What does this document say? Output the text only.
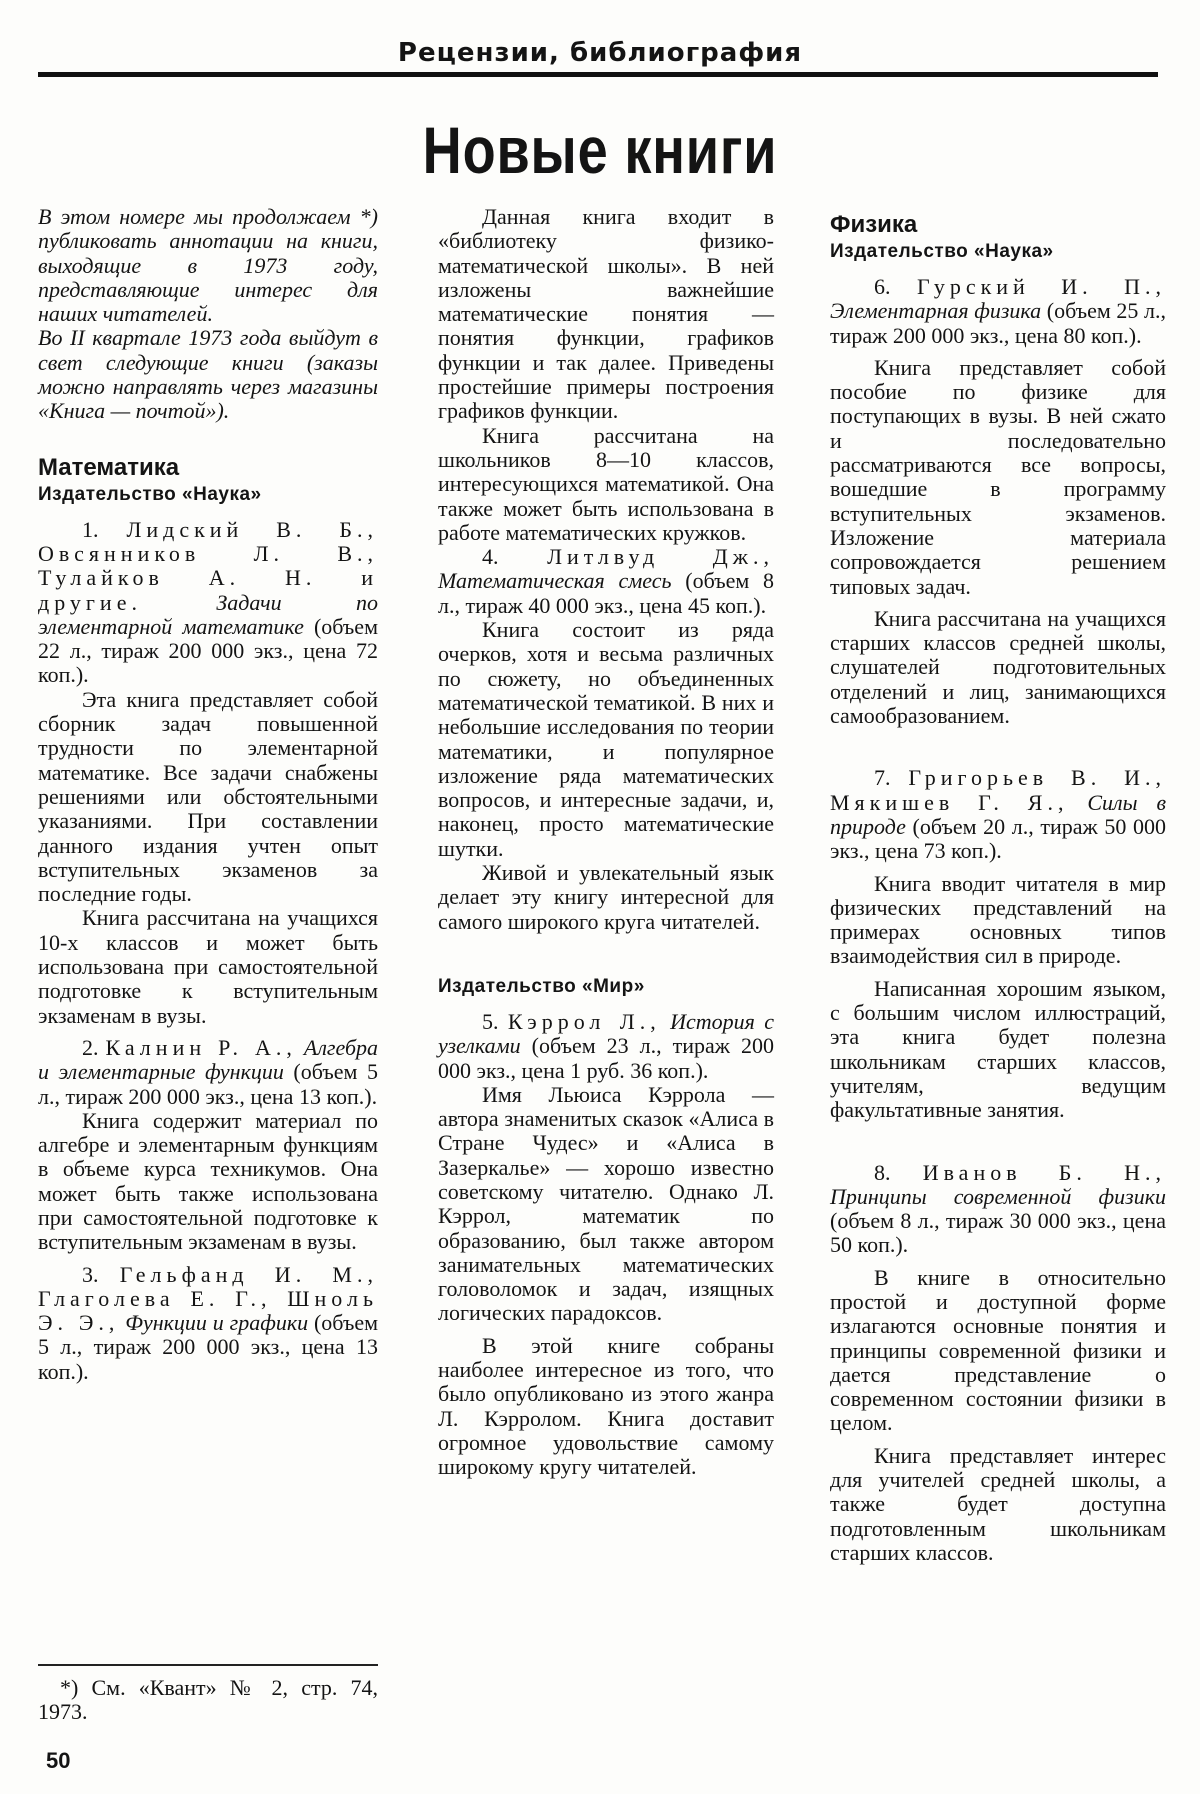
Рецензии, библиография
Новые книги

В этом номере мы продолжаем *) публиковать аннотации на книги, выходящие в 1973 году, представляющие интерес для наших читателей.

Во II квартале 1973 года выйдут в свет следующие книги (заказы можно направлять через магазины «Книга — почтой»).

Математика
Издательство «Наука»

1. Лидский В. Б., Овсянников Л. В., Тулайков А. Н. и другие.	Задачи по элементарной математике (объем 22 л., тираж 200 000 экз., цена 72 коп.).

Эта книга представляет собой сборник задач повышенной трудности по элементарной математике. Все задачи снабжены решениями или обстоятельными указаниями. При составлении данного издания учтен опыт вступительных экзаменов за последние годы.

Книга рассчитана на учащихся 10-х классов и может быть использована при самостоятельной подготовке к вступительным экзаменам в вузы.

2. Калнин Р. А., Алгебра и элементарные функции (объем 5 л., тираж 200 000 экз., цена 13 коп.).

Книга содержит материал по алгебре и элементарным функциям в объеме курса техникумов. Она может быть также использована при самостоятельной подготовке к вступительным экзаменам в вузы.

3. Гельфанд И. М., Глаголева Е. Г., Шноль Э. Э., Функции и графики (объем 5 л., тираж 200 000 экз., цена 13 коп.).

Данная книга входит в «библиотеку физико-математической школы». В ней изложены важнейшие математические понятия — понятия функции, графиков функции и так далее. Приведены простейшие примеры построения графиков функции.

Книга рассчитана на школьников 8—10 классов, интересующихся математикой. Она также может быть использована в работе математических кружков.

4. Литлвуд Дж., Математическая смесь (объем 8 л., тираж 40 000 экз., цена 45 коп.).

Книга состоит из ряда очерков, хотя и весьма различных по сюжету, но объединенных математической тематикой. В них и небольшие исследования по теории математики, и популярное изложение ряда математических вопросов, и интересные задачи, и, наконец, просто математические шутки.

Живой и увлекательный язык делает эту книгу интересной для самого широкого круга читателей.

Издательство «Мир»

5. Кэррол Л., История с узелками (объем 23 л., тираж 200 000 экз., цена 1 руб. 36 коп.).

Имя Льюиса Кэррола — автора знаменитых сказок «Алиса в Стране Чудес» и «Алиса в Зазеркалье» — хорошо известно советскому читателю. Однако Л. Кэррол, математик по образованию, был также автором занимательных математических головоломок и задач, изящных логических парадоксов.

В этой книге собраны наиболее интересное из того, что было опубликовано из этого жанра Л. Кэрролом. Книга доставит огромное удовольствие самому широкому кругу читателей.

Физика
Издательство «Наука»

6. Гурский И. П., Элементарная физика (объем 25 л., тираж 200 000 экз., цена 80 коп.).

Книга представляет собой пособие по физике для поступающих в вузы. В ней сжато и последовательно рассматриваются все вопросы, вошедшие в программу вступительных экзаменов. Изложение материала сопровождается решением типовых задач.

Книга рассчитана на учащихся старших классов средней школы, слушателей подготовительных отделений и лиц, занимающихся самообразованием.

7. Григорьев В. И., Мякишев Г. Я., Силы в природе (объем 20 л., тираж 50 000 экз., цена 73 коп.).

Книга вводит читателя в мир физических представлений на примерах основных типов взаимодействия сил в природе.

Написанная хорошим языком, с большим числом иллюстраций, эта книга будет полезна школьникам старших классов, учителям, ведущим факультативные занятия.

8. Иванов Б. Н., Принципы современной физики (объем 8 л., тираж 30 000 экз., цена 50 коп.).

В книге в относительно простой и доступной форме излагаются основные понятия и принципы современной физики и дается представление о современном состоянии физики в целом.

Книга представляет интерес для учителей средней школы, а также будет доступна подготовленным школьникам старших классов.

*) См. «Квант» № 2, стр. 74, 1973.
50
